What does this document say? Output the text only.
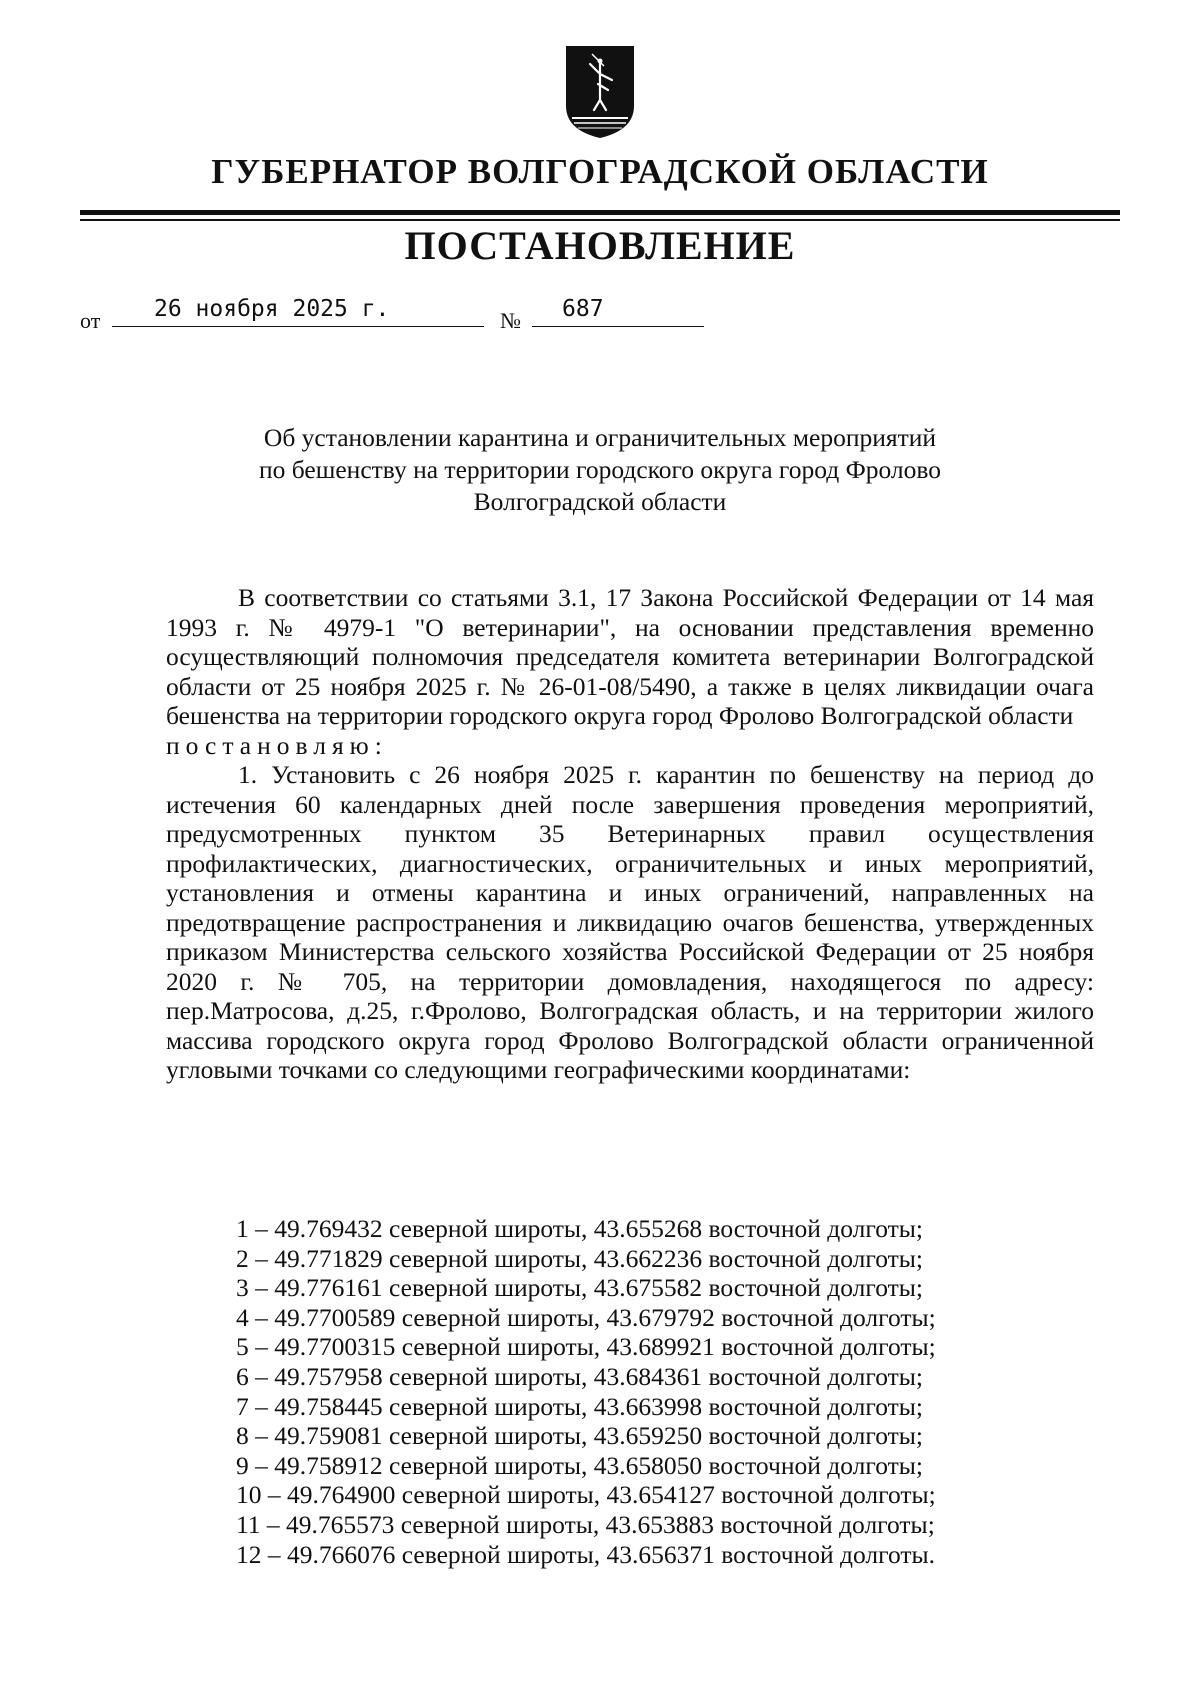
ГУБЕРНАТОР ВОЛГОГРАДСКОЙ ОБЛАСТИ
ПОСТАНОВЛЕНИЕ
от 26 ноября 2025 г.	№ 687
Об установлении карантина и ограничительных мероприятий
по бешенству на территории городского округа город Фролово
Волгоградской области

В соответствии со статьями 3.1, 17 Закона Российской Федерации от 14 мая 1993 г. № 4979-1 "О ветеринарии", на основании представления временно осуществляющий полномочия председателя комитета ветеринарии Волгоградской области от 25 ноября 2025 г. № 26-01-08/5490, а также в целях ликвидации очага бешенства на территории городского округа город Фролово Волгоградской области

постановляю:

1. Установить с 26 ноября 2025 г. карантин по бешенству на период до истечения 60 календарных дней после завершения проведения мероприятий, предусмотренных пунктом 35 Ветеринарных правил осуществления профилактических, диагностических, ограничительных и иных мероприятий, установления и отмены карантина и иных ограничений, направленных на предотвращение распространения и ликвидацию очагов бешенства, утвержденных приказом Министерства сельского хозяйства Российской Федерации от 25 ноября 2020 г. № 705, на территории домовладения, находящегося по адресу: пер.Матросова, д.25, г.Фролово, Волгоградская область, и на территории жилого массива городского округа город Фролово Волгоградской области ограниченной угловыми точками со следующими географическими координатами:

1 – 49.769432 северной широты, 43.655268 восточной долготы;
2 – 49.771829 северной широты, 43.662236 восточной долготы;
3 – 49.776161 северной широты, 43.675582 восточной долготы;
4 – 49.7700589 северной широты, 43.679792 восточной долготы;
5 – 49.7700315 северной широты, 43.689921 восточной долготы;
6 – 49.757958 северной широты, 43.684361 восточной долготы;
7 – 49.758445 северной широты, 43.663998 восточной долготы;
8 – 49.759081 северной широты, 43.659250 восточной долготы;
9 – 49.758912 северной широты, 43.658050 восточной долготы;
10 – 49.764900 северной широты, 43.654127 восточной долготы;
11 – 49.765573 северной широты, 43.653883 восточной долготы;
12 – 49.766076 северной широты, 43.656371 восточной долготы.
